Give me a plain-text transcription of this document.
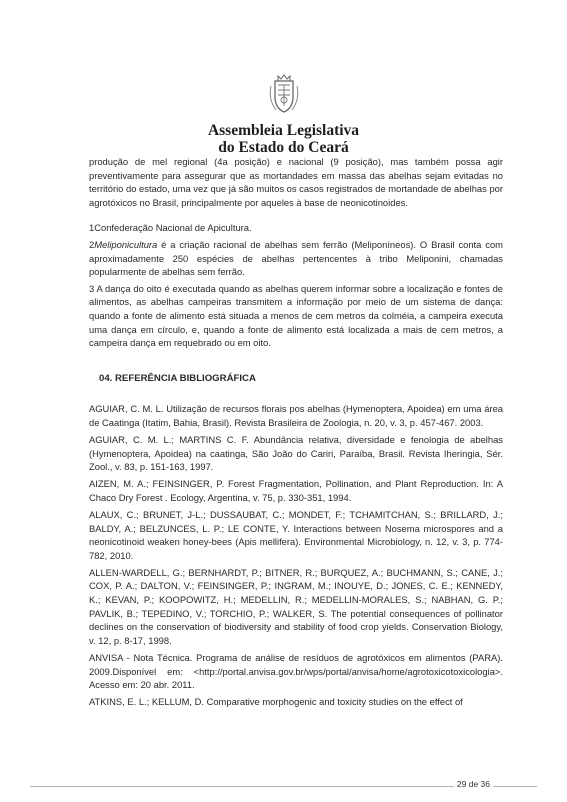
Assembleia Legislativa
do Estado do Ceará

produção de mel regional (4a posição) e nacional (9 posição), mas também possa agir preventivamente para assegurar que as mortandades em massa das abelhas sejam evitadas no território do estado, uma vez que já são muitos os casos registrados de mortandade de abelhas por agrotóxicos no Brasil, principalmente por aqueles à base de neonicotinoides.

1Confederação Nacional de Apicultura.

2Meliponicultura é a criação racional de abelhas sem ferrão (Meliponíneos). O Brasil conta com aproximadamente 250 espécies de abelhas pertencentes à tribo Meliponini, chamadas popularmente de abelhas sem ferrão.

3 A dança do oito é executada quando as abelhas querem informar sobre a localização e fontes de alimentos, as abelhas campeiras transmitem a informação por meio de um sistema de dança: quando a fonte de alimento está situada a menos de cem metros da colméia, a campeira executa uma dança em círculo, e, quando a fonte de alimento está localizada a mais de cem metros, a campeira dança em requebrado ou em oito.

04. REFERÊNCIA BIBLIOGRÁFICA

AGUIAR, C. M. L. Utilização de recursos florais pos abelhas (Hymenoptera, Apoidea) em uma área de Caatinga (Itatim, Bahia, Brasil). Revista Brasileira de Zoologia, n. 20, v. 3, p. 457-467. 2003.

AGUIAR, C. M. L.; MARTINS C. F. Abundância relativa, diversidade e fenologia de abelhas (Hymenoptera, Apoidea) na caatinga, São João do Cariri, Paraíba, Brasil. Revista Iheringia, Sér. Zool., v. 83, p. 151-163, 1997.

AIZEN, M. A.; FEINSINGER, P. Forest Fragmentation, Pollination, and Plant Reproduction. In: A Chaco Dry Forest . Ecology, Argentina, v. 75, p. 330-351, 1994.

ALAUX, C.; BRUNET, J-L.; DUSSAUBAT, C.; MONDET, F.; TCHAMITCHAN, S.; BRILLARD, J.; BALDY, A.; BELZUNCES, L. P.; LE CONTE, Y. Interactions between Nosema microspores and a neonicotinoid weaken honey-bees (Apis mellifera). Environmental Microbiology, n. 12, v. 3, p. 774-782, 2010.

ALLEN-WARDELL, G.; BERNHARDT, P.; BITNER, R.; BURQUEZ, A.; BUCHMANN, S.; CANE, J.; COX, P. A.; DALTON, V.; FEINSINGER, P.; INGRAM, M.; INOUYE, D.; JONES, C. E.; KENNEDY, K.; KEVAN, P.; KOOPOWITZ, H.; MEDELLIN, R.; MEDELLIN-MORALES, S.; NABHAN, G. P.; PAVLIK, B.; TEPEDINO, V.; TORCHIO, P.; WALKER, S. The potential consequences of pollinator declines on the conservation of biodiversity and stability of food crop yields. Conservation Biology, v. 12, p. 8-17, 1998.

ANVISA - Nota Técnica. Programa de análise de resíduos de agrotóxicos em alimentos (PARA). 2009.Disponível em: <http://portal.anvisa.gov.br/wps/portal/anvisa/home/agrotoxicotoxicologia>. Acesso em: 20 abr. 2011.

ATKINS, E. L.; KELLUM, D. Comparative morphogenic and toxicity studies on the effect of

29 de 36
